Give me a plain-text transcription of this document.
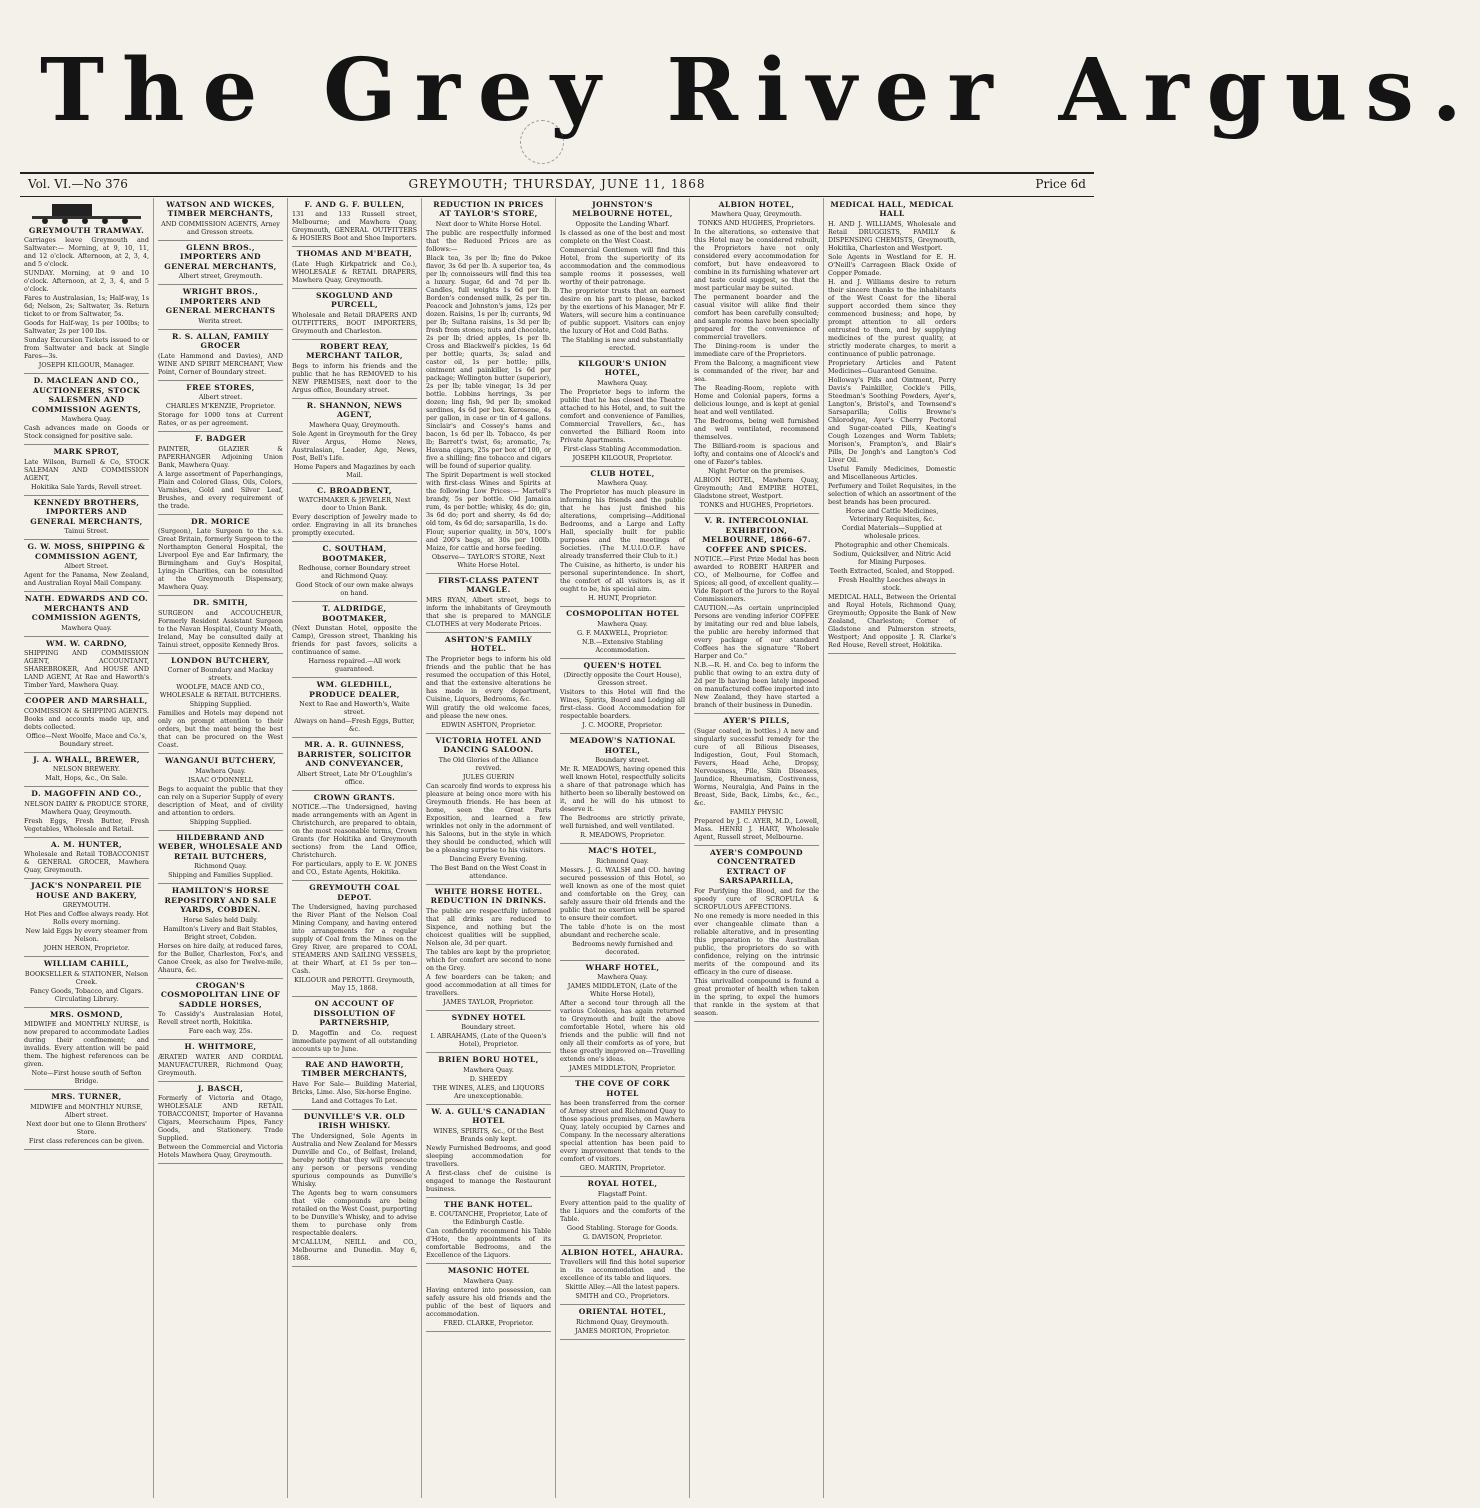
The Grey River Argus.
Vol. VI.—No 376	GREYMOUTH; THURSDAY, JUNE 11, 1868	Price 6d
GREYMOUTH TRAMWAY.

Carriages leave Greymouth and Saltwater:— Morning, at 9, 10, 11, and 12 o'clock. Afternoon, at 2, 3, 4, and 5 o'clock.

SUNDAY. Morning, at 9 and 10 o'clock. Afternoon, at 2, 3, 4, and 5 o'clock.

Fares to Australasian, 1s; Half-way, 1s 6d; Nelson, 2s; Saltwater, 3s. Return ticket to or from Saltwater, 5s.

Goods for Half-way, 1s per 100lbs; to Saltwater, 2s per 100 lbs.

Sunday Excursion Tickets issued to or from Saltwater and back at Single Fares—3s.

JOSEPH KILGOUR, Manager.

D. MACLEAN AND CO., AUCTIONEERS, STOCK SALESMEN AND COMMISSION AGENTS,

Mawhera Quay.

Cash advances made on Goods or Stock consigned for positive sale.

MARK SPROT,

Late Wilson, Burnell & Co, STOCK SALEMAN AND COMMISSION AGENT,

Hokitika Sale Yards, Revell street.

KENNEDY BROTHERS, IMPORTERS AND GENERAL MERCHANTS,

Tainui Street.

G. W. MOSS, SHIPPING & COMMISSION AGENT,

Albert Street.

Agent for the Panama, New Zealand, and Australian Royal Mail Company.

NATH. EDWARDS AND CO. MERCHANTS AND COMMISSION AGENTS,

Mawhera Quay.

WM. W. CARDNO,

SHIPPING AND COMMISSION AGENT, ACCOUNTANT, SHAREBROKER, And HOUSE AND LAND AGENT, At Rae and Haworth's Timber Yard, Mawhera Quay.

COOPER AND MARSHALL,

COMMISSION & SHIPPING AGENTS. Books and accounts made up, and debts collected.

Office—Next Woolfe, Mace and Co.'s, Boundary street.

J. A. WHALL, BREWER,

NELSON BREWERY.

Malt, Hops, &c., On Sale.

D. MAGOFFIN AND CO.,

NELSON DAIRY & PRODUCE STORE, Mawhera Quay, Greymouth.

Fresh Eggs, Fresh Butter, Fresh Vegetables, Wholesale and Retail.

A. M. HUNTER,

Wholesale and Retail TOBACCONIST & GENERAL GROCER, Mawhera Quay, Greymouth.

JACK'S NONPAREIL PIE HOUSE AND BAKERY,

GREYMOUTH.

Hot Pies and Coffee always ready. Hot Rolls every morning.

New laid Eggs by every steamer from Nelson.

JOHN HERON, Proprietor.

WILLIAM CAHILL,

BOOKSELLER & STATIONER, Nelson Creek.

Fancy Goods, Tobacco, and Cigars. Circulating Library.

MRS. OSMOND,

MIDWIFE and MONTHLY NURSE, is now prepared to accommodate Ladies during their confinement; and invalids. Every attention will be paid them. The highest references can be given.

Note—First house south of Sefton Bridge.

MRS. TURNER,

MIDWIFE and MONTHLY NURSE, Albert street.

Next door but one to Glenn Brothers' Store.

First class references can be given.

WATSON AND WICKES, TIMBER MERCHANTS,

AND COMMISSION AGENTS, Arney and Gresson streets.

GLENN BROS., IMPORTERS AND GENERAL MERCHANTS,

Albert street, Greymouth.

WRIGHT BROS., IMPORTERS AND GENERAL MERCHANTS

Werita street.

R. S. ALLAN, FAMILY GROCER

(Late Hammond and Davies), AND WINE AND SPIRIT MERCHANT, View Point, Corner of Boundary street.

FREE STORES,

Albert street.

CHARLES M'KENZIE, Proprietor.

Storage for 1000 tons at Current Rates, or as per agreement.

F. BADGER

PAINTER, GLAZIER & PAPERHANGER Adjoining Union Bank, Mawhera Quay.

A large assortment of Paperhangings, Plain and Colored Glass, Oils, Colors, Varnishes, Gold and Silver Leaf, Brushes, and every requirement of the trade.

DR. MORICE

(Surgeon), Late Surgeon to the s.s. Great Britain, formerly Surgeon to the Northampton General Hospital, the Liverpool Eye and Ear Infirmary, the Birmingham and Guy's Hospital, Lying-in Charities, can be consulted at the Greymouth Dispensary, Mawhera Quay.

DR. SMITH,

SURGEON and ACCOUCHEUR, Formerly Resident Assistant Surgeon to the Navan Hospital, County Meath, Ireland, May be consulted daily at Tainui street, opposite Kennedy Bros.

LONDON BUTCHERY,

Corner of Boundary and Mackay streets.

WOOLFE, MACE AND CO., WHOLESALE & RETAIL BUTCHERS.

Shipping Supplied.

Families and Hotels may depend not only on prompt attention to their orders, but the meat being the best that can be procured on the West Coast.

WANGANUI BUTCHERY,

Mawhera Quay.

ISAAC O'DONNELL

Begs to acquaint the public that they can rely on a Superior Supply of every description of Meat, and of civility and attention to orders.

Shipping Supplied.

HILDEBRAND AND WEBER, WHOLESALE AND RETAIL BUTCHERS,

Richmond Quay.

Shipping and Families Supplied.

HAMILTON'S HORSE REPOSITORY AND SALE YARDS, COBDEN.

Horse Sales held Daily.

Hamilton's Livery and Bait Stables, Bright street, Cobden.

Horses on hire daily, at reduced fares, for the Buller, Charleston, Fox's, and Canoe Creek, as also for Twelve-mile, Ahaura, &c.

CROGAN'S COSMOPOLITAN LINE OF SADDLE HORSES,

To Cassidy's Australasian Hotel, Revell street north, Hokitika.

Fare each way, 25s.

H. WHITMORE,

ÆRATED WATER AND CORDIAL MANUFACTURER, Richmond Quay, Greymouth.

J. BASCH,

Formerly of Victoria and Otago, WHOLESALE AND RETAIL TOBACCONIST, Importer of Havanna Cigars, Meerschaum Pipes, Fancy Goods, and Stationery. Trade Supplied.

Between the Commercial and Victoria Hotels Mawhera Quay, Greymouth.

F. AND G. F. BULLEN,

131 and 133 Russell street, Melbourne; and Mawhera Quay, Greymouth, GENERAL OUTFITTERS & HOSIERS Boot and Shoe Importers.

THOMAS AND M'BEATH,

(Late Hugh Kirkpatrick and Co.), WHOLESALE & RETAIL DRAPERS, Mawhera Quay, Greymouth.

SKOGLUND AND PURCELL,

Wholesale and Retail DRAPERS AND OUTFITTERS, BOOT IMPORTERS, Greymouth and Charleston.

ROBERT REAY, MERCHANT TAILOR,

Begs to inform his friends and the public that he has REMOVED to his NEW PREMISES, next door to the Argus office, Boundary street.

R. SHANNON, NEWS AGENT,

Mawhera Quay, Greymouth.

Sole Agent in Greymouth for the Grey River Argus, Home News, Australasian, Leader, Age, News, Post, Bell's Life.

Home Papers and Magazines by each Mail.

C. BROADBENT,

WATCHMAKER & JEWELER, Next door to Union Bank.

Every description of Jewelry made to order. Engraving in all its branches promptly executed.

C. SOUTHAM, BOOTMAKER,

Redhouse, corner Boundary street and Richmond Quay.

Good Stock of our own make always on hand.

T. ALDRIDGE, BOOTMAKER,

(Next Dunstan Hotel, opposite the Camp), Gresson street, Thanking his friends for past favors, solicits a continuance of same.

Harness repaired.—All work guaranteed.

WM. GLEDHILL, PRODUCE DEALER,

Next to Rae and Haworth's, Waite street.

Always on hand—Fresh Eggs, Butter, &c.

MR. A. R. GUINNESS, BARRISTER, SOLICITOR AND CONVEYANCER,

Albert Street, Late Mr O'Loughlin's office.

CROWN GRANTS.

NOTICE.—The Undersigned, having made arrangements with an Agent in Christchurch, are prepared to obtain, on the most reasonable terms, Crown Grants (for Hokitika and Greymouth sections) from the Land Office, Christchurch.

For particulars, apply to E. W. JONES and CO., Estate Agents, Hokitika.

GREYMOUTH COAL DEPOT.

The Undersigned, having purchased the River Plant of the Nelson Coal Mining Company, and having entered into arrangements for a regular supply of Coal from the Mines on the Grey River, are prepared to COAL STEAMERS AND SAILING VESSELS, at their Wharf, at £1 5s per ton—Cash.

KILGOUR and PEROTTI. Greymouth, May 15, 1868.

ON ACCOUNT OF DISSOLUTION OF PARTNERSHIP,

D. Magoffin and Co. request immediate payment of all outstanding accounts up to June.

RAE AND HAWORTH, TIMBER MERCHANTS,

Have For Sale— Building Material, Bricks, Lime. Also, Six-horse Engine.

Land and Cottages To Let.

DUNVILLE'S V.R. OLD IRISH WHISKY.

The Undersigned, Sole Agents in Australia and New Zealand for Messrs Dunville and Co., of Belfast, Ireland, hereby notify that they will prosecute any person or persons vending spurious compounds as Dunville's Whisky.

The Agents beg to warn consumers that vile compounds are being retailed on the West Coast, purporting to be Dunville's Whisky, and to advise them to purchase only from respectable dealers.

M'CALLUM, NEILL and CO., Melbourne and Dunedin. May 6, 1868.

REDUCTION IN PRICES AT TAYLOR'S STORE,

Next door to White Horse Hotel.

The public are respectfully informed that the Reduced Prices are as follows:—

Black tea, 3s per lb; fine do Pekoe flavor, 3s 6d per lb. A superior tea, 4s per lb; connoisseurs will find this tea a luxury. Sugar, 6d and 7d per lb. Candles, full weights 1s 6d per lb. Borden's condensed milk, 2s per tin. Peacock and Johnston's jams, 12s per dozen. Raisins, 1s per lb; currants, 9d per lb; Sultana raisins, 1s 3d per lb; fresh from stones; nuts and chocolate, 2s per lb; dried apples, 1s per lb. Cross and Blackwell's pickles, 1s 6d per bottle; quarts, 3s; salad and castor oil, 1s per bottle; pills, ointment and painkiller, 1s 6d per package; Wellington butter (superior), 2s per lb; table vinegar, 1s 3d per bottle. Lobbins herrings, 3s per dozen; ling fish, 9d per lb; smoked sardines, 4s 6d per box. Kerosene, 4s per gallon, in case or tin of 4 gallons. Sinclair's and Cossey's hams and bacon, 1s 6d per lb. Tobacco, 4s per lb; Barrett's twist, 6s; aromatic, 7s; Havana cigars, 25s per box of 100, or five a shilling; fine tobacco and cigars will be found of superior quality.

The Spirit Department is well stocked with first-class Wines and Spirits at the following Low Prices:— Martell's brandy, 5s per bottle. Old Jamaica rum, 4s per bottle; whisky, 4s do; gin, 3s 6d do; port and sherry, 4s 6d do; old tom, 4s 6d do; sarsaparilla, 1s do.

Flour, superior quality, in 50's, 100's and 200's bags, at 30s per 100lb. Maize, for cattle and horse feeding.

Observe— TAYLOR'S STORE, Next White Horse Hotel.

FIRST-CLASS PATENT MANGLE.

MRS RYAN, Albert street, begs to inform the inhabitants of Greymouth that she is prepared to MANGLE CLOTHES at very Moderate Prices.

ASHTON'S FAMILY HOTEL.

The Proprietor begs to inform his old friends and the public that he has resumed the occupation of this Hotel, and that the extensive alterations he has made in every department, Cuisine, Liquors, Bedrooms, &c.

Will gratify the old welcome faces, and please the new ones.

EDWIN ASHTON, Proprietor.

VICTORIA HOTEL AND DANCING SALOON.

The Old Glories of the Alliance revived.

JULES GUERIN

Can scarcely find words to express his pleasure at being once more with his Greymouth friends. He has been at home, seen the Great Paris Exposition, and learned a few wrinkles not only in the adornment of his Saloons, but in the style in which they should be conducted, which will be a pleasing surprise to his visitors.

Dancing Every Evening.

The Best Band on the West Coast in attendance.

WHITE HORSE HOTEL. REDUCTION IN DRINKS.

The public are respectfully informed that all drinks are reduced to Sixpence, and nothing but the choicest qualities will be supplied, Nelson ale, 3d per quart.

The tables are kept by the proprietor, which for comfort are second to none on the Grey.

A few boarders can be taken; and good accommodation at all times for travellers.

JAMES TAYLOR, Proprietor.

SYDNEY HOTEL

Boundary street.

I. ABRAHAMS, (Late of the Queen's Hotel), Proprietor.

BRIEN BORU HOTEL,

Mawhera Quay.

D. SHEEDY

THE WINES, ALES, and LIQUORS Are unexceptionable.

W. A. GULL'S CANADIAN HOTEL

WINES, SPIRITS, &c., Of the Best Brands only kept.

Newly Furnished Bedrooms, and good sleeping accommodation for travellers.

A first-class chef de cuisine is engaged to manage the Restaurant business.

THE BANK HOTEL.

E. COUTANCHE, Proprietor, Late of the Edinburgh Castle.

Can confidently recommend his Table d'Hote, the appointments of its comfortable Bedrooms, and the Excellence of the Liquors.

MASONIC HOTEL

Mawhera Quay.

Having entered into possession, can safely assure his old friends and the public of the best of liquors and accommodation.

FRED. CLARKE, Proprietor.

JOHNSTON'S MELBOURNE HOTEL,

Opposite the Landing Wharf.

Is classed as one of the best and most complete on the West Coast.

Commercial Gentlemen will find this Hotel, from the superiority of its accommodation and the commodious sample rooms it possesses, well worthy of their patronage.

The proprietor trusts that an earnest desire on his part to please, backed by the exertions of his Manager, Mr F. Waters, will secure him a continuance of public support. Visitors can enjoy the luxury of Hot and Cold Baths.

The Stabling is new and substantially erected.

KILGOUR'S UNION HOTEL,

Mawhera Quay.

The Proprietor begs to inform the public that he has closed the Theatre attached to his Hotel, and, to suit the comfort and convenience of Families, Commercial Travellers, &c., has converted the Billiard Room into Private Apartments.

First-class Stabling Accommodation.

JOSEPH KILGOUR, Proprietor.

CLUB HOTEL,

Mawhera Quay.

The Proprietor has much pleasure in informing his friends and the public that he has just finished his alterations, comprising—Additional Bedrooms, and a Large and Lofty Hall, specially built for public purposes and the meetings of Societies. (The M.U.I.O.O.F. have already transferred their Club to it.)

The Cuisine, as hitherto, is under his personal superintendence. In short, the comfort of all visitors is, as it ought to be, his special aim.

H. HUNT, Proprietor.

COSMOPOLITAN HOTEL

Mawhera Quay.

G. F. MAXWELL, Proprietor.

N.B.—Extensive Stabling Accommodation.

QUEEN'S HOTEL

(Directly opposite the Court House), Gresson street.

Visitors to this Hotel will find the Wines, Spirits, Board and Lodging all first-class. Good Accommodation for respectable boarders.

J. C. MOORE, Proprietor.

MEADOW'S NATIONAL HOTEL,

Boundary street.

Mr. R. MEADOWS, having opened this well known Hotel, respectfully solicits a share of that patronage which has hitherto been so liberally bestowed on it, and he will do his utmost to deserve it.

The Bedrooms are strictly private, well furnished, and well ventilated.

R. MEADOWS, Proprietor.

MAC'S HOTEL,

Richmond Quay.

Messrs. J. G. WALSH and CO. having secured possession of this Hotel, so well known as one of the most quiet and comfortable on the Grey, can safely assure their old friends and the public that no exertion will be spared to ensure their comfort.

The table d'hote is on the most abundant and recherche scale.

Bedrooms newly furnished and decorated.

WHARF HOTEL,

Mawhera Quay.

JAMES MIDDLETON, (Late of the White Horse Hotel),

After a second tour through all the various Colonies, has again returned to Greymouth and built the above comfortable Hotel, where his old friends and the public will find not only all their comforts as of yore, but these greatly improved on—Travelling extends one's ideas.

JAMES MIDDLETON, Proprietor.

THE COVE OF CORK HOTEL

has been transferred from the corner of Arney street and Richmond Quay to those spacious premises, on Mawhera Quay, lately occupied by Carnes and Company. In the necessary alterations special attention has been paid to every improvement that tends to the comfort of visitors.

GEO. MARTIN, Proprietor.

ROYAL HOTEL,

Flagstaff Point.

Every attention paid to the quality of the Liquors and the comforts of the Table.

Good Stabling. Storage for Goods.

G. DAVISON, Proprietor.

ALBION HOTEL, AHAURA.

Travellers will find this hotel superior in its accommodation and the excellence of its table and liquors.

Skittle Alley.—All the latest papers.

SMITH and CO., Proprietors.

ORIENTAL HOTEL,

Richmond Quay, Greymouth.

JAMES MORTON, Proprietor.

ALBION HOTEL,

Mawhera Quay, Greymouth.

TONKS AND HUGHES, Proprietors.

In the alterations, so extensive that this Hotel may be considered rebuilt, the Proprietors have not only considered every accommodation for comfort, but have endeavored to combine in its furnishing whatever art and taste could suggest, so that the most particular may be suited.

The permanent boarder and the casual visitor will alike find their comfort has been carefully consulted; and sample rooms have been specially prepared for the convenience of commercial travellers.

The Dining-room is under the immediate care of the Proprietors.

From the Balcony, a magnificent view is commanded of the river, bar and sea.

The Reading-Room, replete with Home and Colonial papers, forms a delicious lounge, and is kept at genial heat and well ventilated.

The Bedrooms, being well furnished and well ventilated, recommend themselves.

The Billiard-room is spacious and lofty, and contains one of Alcock's and one of Fazer's tables.

Night Porter on the premises.

ALBION HOTEL, Mawhera Quay, Greymouth; And EMPIRE HOTEL, Gladstone street, Westport.

TONKS and HUGHES, Proprietors.

V. R. INTERCOLONIAL EXHIBITION, MELBOURNE, 1866-67. COFFEE AND SPICES.

NOTICE.—First Prize Medal has been awarded to ROBERT HARPER and CO., of Melbourne, for Coffee and Spices; all good, of excellent quality.—Vide Report of the Jurors to the Royal Commissioners.

CAUTION.—As certain unprincipled Persons are vending inferior COFFEE by imitating our red and blue labels, the public are hereby informed that every package of our standard Coffees has the signature "Robert Harper and Co."

N.B.—R. H. and Co. beg to inform the public that owing to an extra duty of 2d per lb having been lately imposed on manufactured coffee imported into New Zealand, they have started a branch of their business in Dunedin.

AYER'S PILLS,

(Sugar coated, in bottles.) A new and singularly successful remedy for the cure of all Bilious Diseases, Indigestion, Gout, Foul Stomach, Fevers, Head Ache, Dropsy, Nervousness, Pile, Skin Diseases, Jaundice, Rheumatism, Costiveness, Worms, Neuralgia, And Pains in the Breast, Side, Back, Limbs, &c., &c., &c.

FAMILY PHYSIC

Prepared by J. C. AYER, M.D., Lowell, Mass. HENRI J. HART, Wholesale Agent, Russell street, Melbourne.

AYER'S COMPOUND CONCENTRATED EXTRACT OF SARSAPARILLA,

For Purifying the Blood, and for the speedy cure of SCROFULA & SCROFULOUS AFFECTIONS.

No one remedy is more needed in this ever changeable climate than a reliable alterative, and in presenting this preparation to the Australian public, the proprietors do so with confidence, relying on the intrinsic merits of the compound and its efficacy in the cure of disease.

This unrivalled compound is found a great promoter of health when taken in the spring, to expel the humors that rankle in the system at that season.

MEDICAL HALL, MEDICAL HALL

H. AND J. WILLIAMS, Wholesale and Retail DRUGGISTS, FAMILY & DISPENSING CHEMISTS, Greymouth, Hokitika, Charleston and Westport.

Sole Agents in Westland for E. H. O'Neill's Carrageen Black Oxide of Copper Pomade.

H. and J. Williams desire to return their sincere thanks to the inhabitants of the West Coast for the liberal support accorded them since they commenced business; and hope, by prompt attention to all orders entrusted to them, and by supplying medicines of the purest quality, at strictly moderate charges, to merit a continuance of public patronage.

Proprietary Articles and Patent Medicines—Guaranteed Genuine.

Holloway's Pills and Ointment, Perry Davis's Painkiller, Cockle's Pills, Steedman's Soothing Powders, Ayer's, Langton's, Bristol's, and Townsend's Sarsaparilla; Collis Browne's Chlorodyne, Ayer's Cherry Pectoral and Sugar-coated Pills, Keating's Cough Lozenges and Worm Tablets; Morison's, Frampton's, and Blair's Pills, De Jongh's and Langton's Cod Liver Oil.

Useful Family Medicines, Domestic and Miscellaneous Articles.

Perfumery and Toilet Requisites, in the selection of which an assortment of the best brands has been procured.

Horse and Cattle Medicines, Veterinary Requisites, &c.

Cordial Materials—Supplied at wholesale prices.

Photographic and other Chemicals.

Sodium, Quicksilver, and Nitric Acid for Mining Purposes.

Teeth Extracted, Scaled, and Stopped.

Fresh Healthy Leeches always in stock.

MEDICAL HALL, Between the Oriental and Royal Hotels, Richmond Quay, Greymouth; Opposite the Bank of New Zealand, Charleston; Corner of Gladstone and Palmerston streets, Westport; And opposite J. R. Clarke's Red House, Revell street, Hokitika.
